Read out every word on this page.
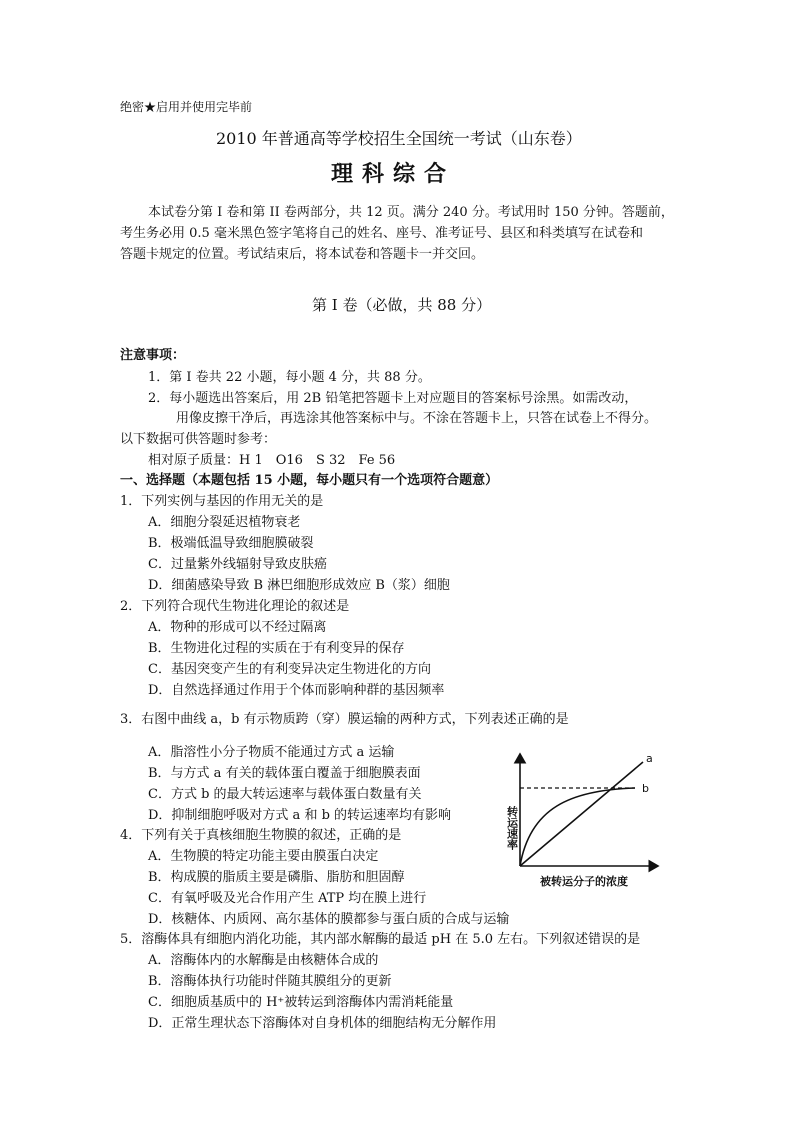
绝密★启用并使用完毕前
2010 年普通高等学校招生全国统一考试（山东卷）
理科综合
本试卷分第 I 卷和第 II 卷两部分，共 12 页。满分 240 分。考试用时 150 分钟。答题前，
考生务必用 0.5 毫米黑色签字笔将自己的姓名、座号、准考证号、县区和科类填写在试卷和
答题卡规定的位置。考试结束后，将本试卷和答题卡一并交回。
第 I 卷（必做，共 88 分）
注意事项：
1．第 I 卷共 22 小题，每小题 4 分，共 88 分。
2．每小题选出答案后，用 2B 铅笔把答题卡上对应题目的答案标号涂黑。如需改动，
用像皮擦干净后，再选涂其他答案标中与。不涂在答题卡上，只答在试卷上不得分。
以下数据可供答题时参考：
相对原子质量：H 1　O16　S 32　Fe 56
一、选择题（本题包括 15 小题，每小题只有一个选项符合题意）
1．下列实例与基因的作用无关的是
A．细胞分裂延迟植物衰老
B．极端低温导致细胞膜破裂
C．过量紫外线辐射导致皮肤癌
D．细菌感染导致 B 淋巴细胞形成效应 B（浆）细胞
2．下列符合现代生物进化理论的叙述是
A．物种的形成可以不经过隔离
B．生物进化过程的实质在于有利变异的保存
C．基因突变产生的有利变异决定生物进化的方向
D．自然选择通过作用于个体而影响种群的基因频率
3．右图中曲线 a，b 有示物质跨（穿）膜运输的两种方式，下列表述正确的是
A．脂溶性小分子物质不能通过方式 a 运输
B．与方式 a 有关的载体蛋白覆盖于细胞膜表面
C．方式 b 的最大转运速率与载体蛋白数量有关
D．抑制细胞呼吸对方式 a 和 b 的转运速率均有影响
4．下列有关于真核细胞生物膜的叙述，正确的是
A．生物膜的特定功能主要由膜蛋白决定
B．构成膜的脂质主要是磷脂、脂肪和胆固醇
C．有氧呼吸及光合作用产生 ATP 均在膜上进行
D．核糖体、内质网、高尔基体的膜都参与蛋白质的合成与运输
5．溶酶体具有细胞内消化功能，其内部水解酶的最适 pH 在 5.0 左右。下列叙述错误的是
A．溶酶体内的水解酶是由核糖体合成的
B．溶酶体执行功能时伴随其膜组分的更新
C．细胞质基质中的 H⁺被转运到溶酶体内需消耗能量
D．正常生理状态下溶酶体对自身机体的细胞结构无分解作用
a
b
转运速率
被转运分子的浓度
